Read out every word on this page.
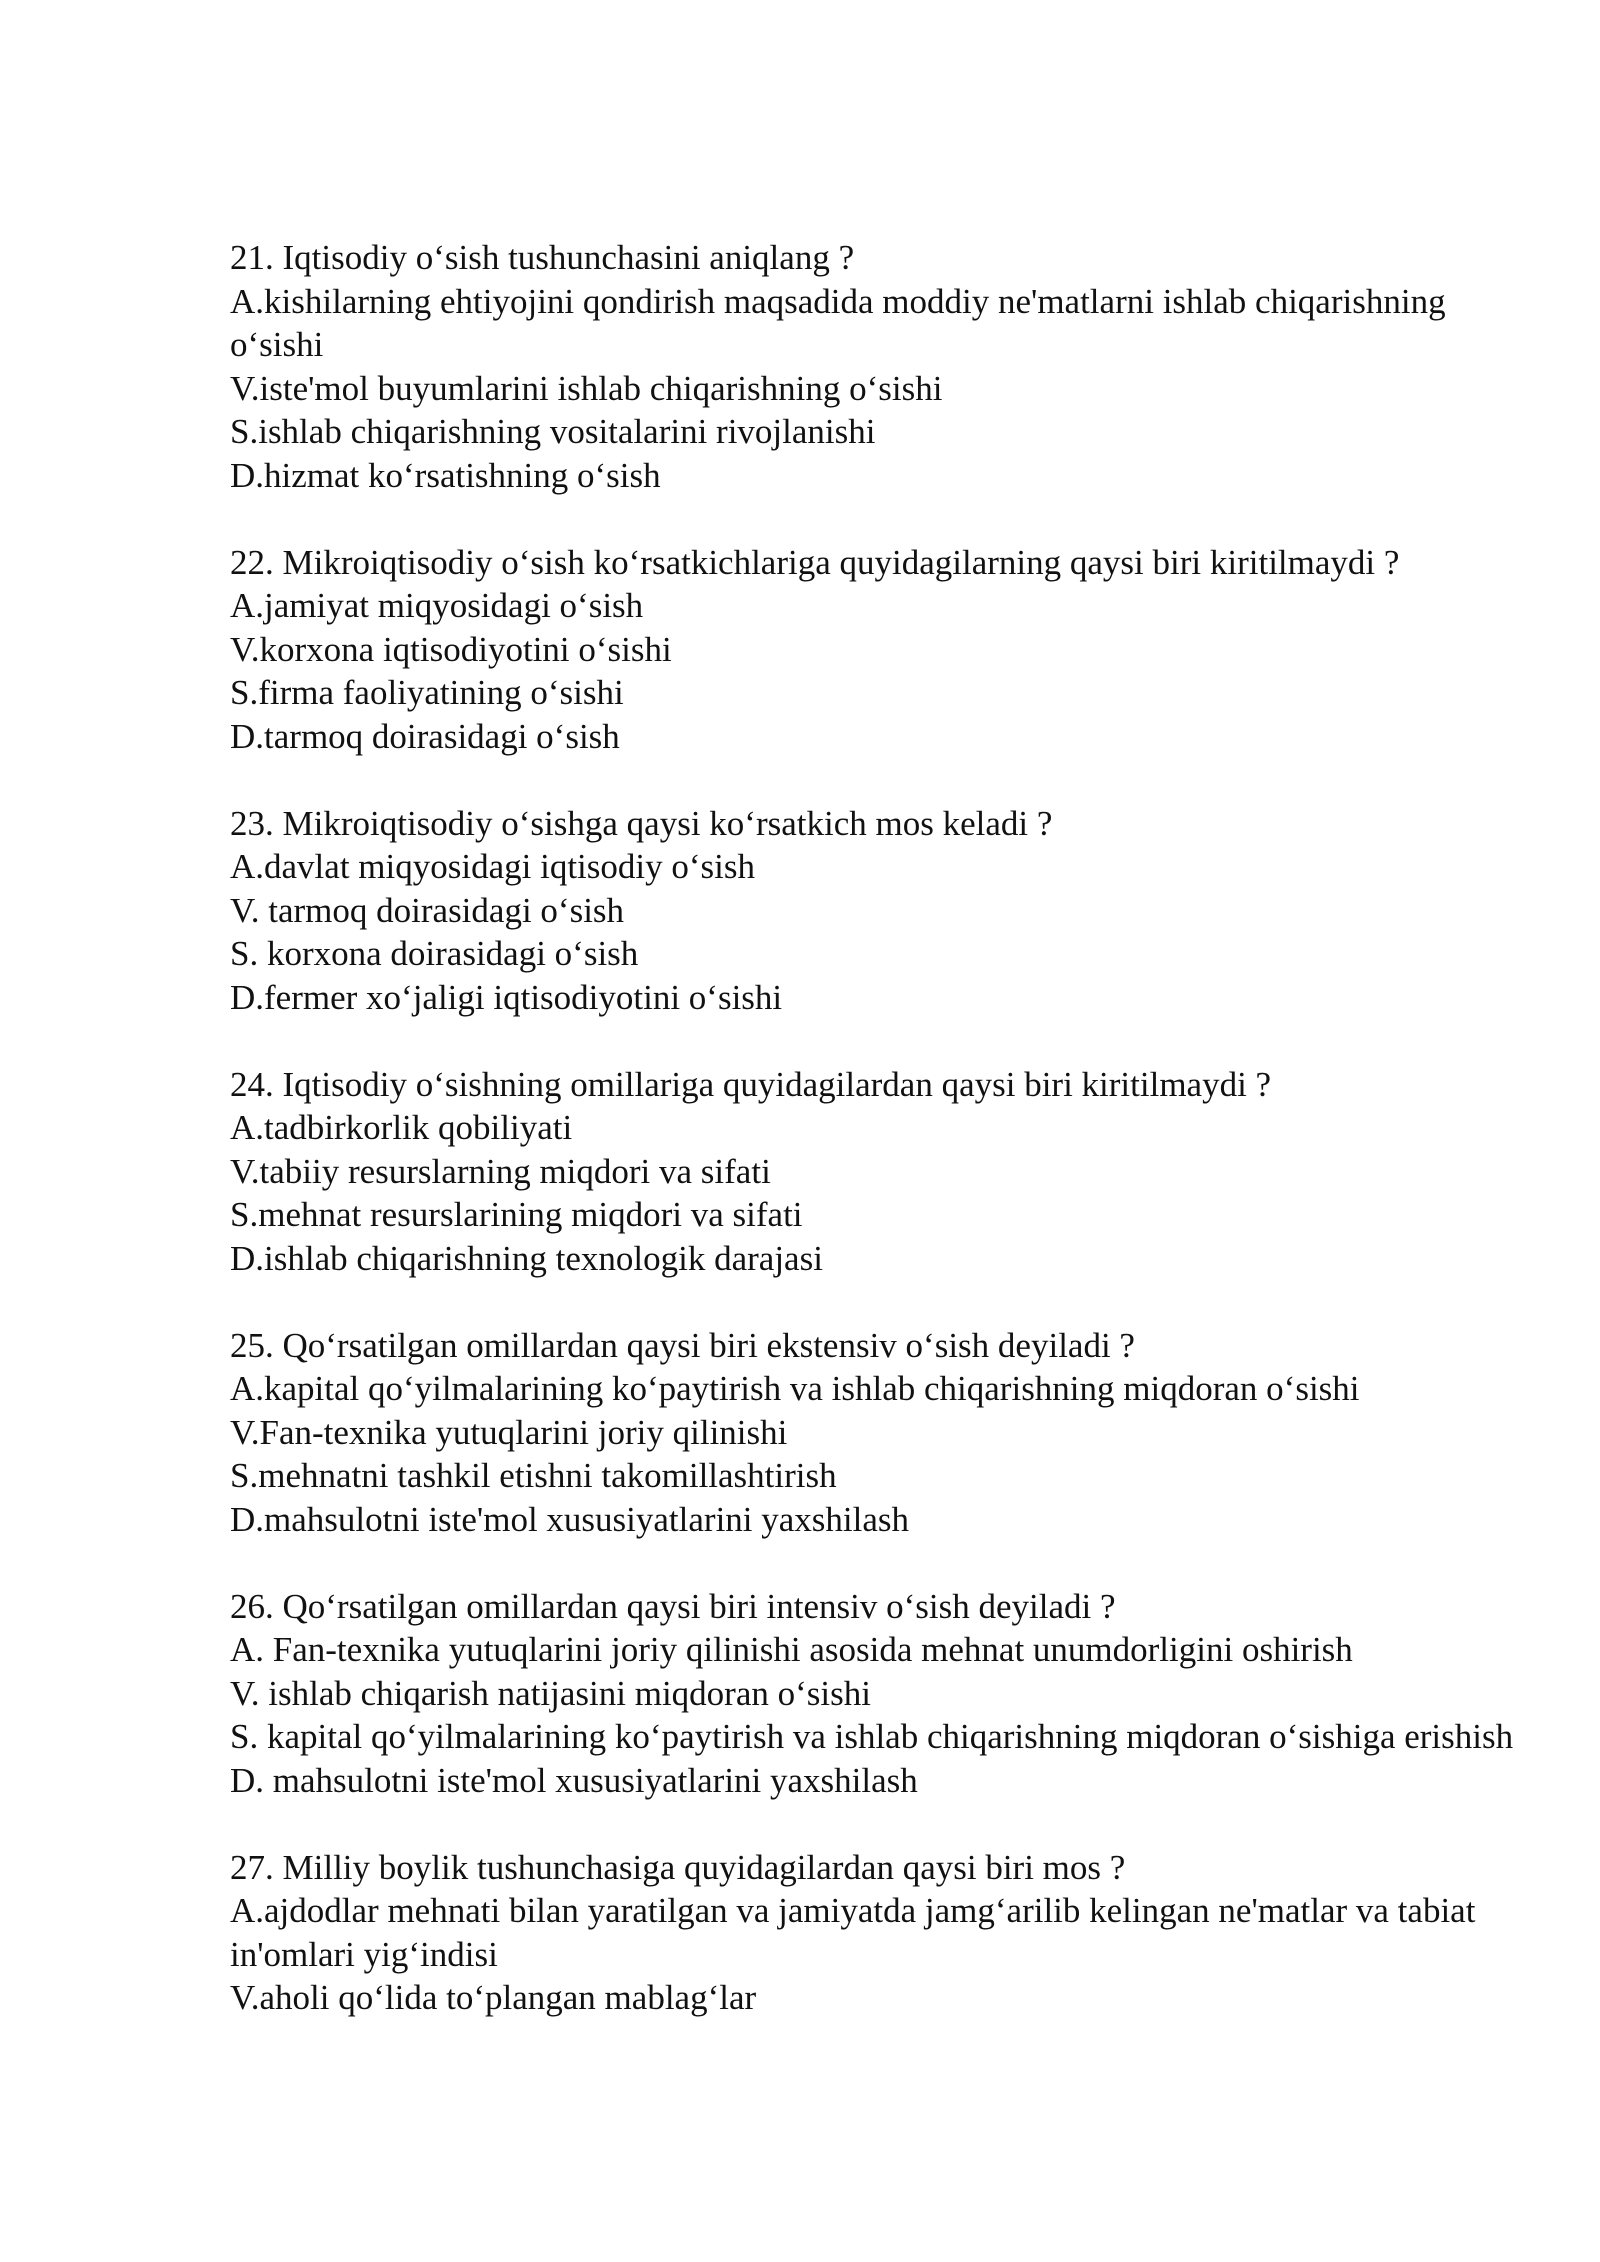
21. Iqtisodiy o‘sish tushunchasini aniqlang ?
A.kishilarning ehtiyojini qondirish maqsadida moddiy ne'matlarni ishlab chiqarishning o‘sishi
V.iste'mol buyumlarini ishlab chiqarishning o‘sishi
S.ishlab chiqarishning vositalarini rivojlanishi
D.hizmat ko‘rsatishning o‘sish
22. Mikroiqtisodiy o‘sish ko‘rsatkichlariga quyidagilarning qaysi biri kiritilmaydi ?
A.jamiyat miqyosidagi o‘sish
V.korxona iqtisodiyotini o‘sishi
S.firma faoliyatining o‘sishi
D.tarmoq doirasidagi o‘sish
23. Mikroiqtisodiy o‘sishga qaysi ko‘rsatkich mos keladi ?
A.davlat miqyosidagi iqtisodiy o‘sish
V. tarmoq doirasidagi o‘sish
S. korxona doirasidagi o‘sish
D.fermer xo‘jaligi iqtisodiyotini o‘sishi
24. Iqtisodiy o‘sishning omillariga quyidagilardan qaysi biri kiritilmaydi ?
A.tadbirkorlik qobiliyati
V.tabiiy resurslarning miqdori va sifati
S.mehnat resurslarining miqdori va sifati
D.ishlab chiqarishning texnologik darajasi
25. Qo‘rsatilgan omillardan qaysi biri ekstensiv o‘sish deyiladi ?
A.kapital qo‘yilmalarining ko‘paytirish va ishlab chiqarishning miqdoran o‘sishi
V.Fan-texnika yutuqlarini joriy qilinishi
S.mehnatni tashkil etishni takomillashtirish
D.mahsulotni iste'mol xususiyatlarini yaxshilash
26. Qo‘rsatilgan omillardan qaysi biri intensiv o‘sish deyiladi ?
A. Fan-texnika yutuqlarini joriy qilinishi asosida mehnat unumdorligini oshirish
V. ishlab chiqarish natijasini miqdoran o‘sishi
S. kapital qo‘yilmalarining ko‘paytirish va ishlab chiqarishning miqdoran o‘sishiga erishish
D. mahsulotni iste'mol xususiyatlarini yaxshilash
27. Milliy boylik tushunchasiga quyidagilardan qaysi biri mos ?
A.ajdodlar mehnati bilan yaratilgan va jamiyatda jamg‘arilib kelingan ne'matlar va tabiat in'omlari yig‘indisi
V.aholi qo‘lida to‘plangan mablag‘lar
